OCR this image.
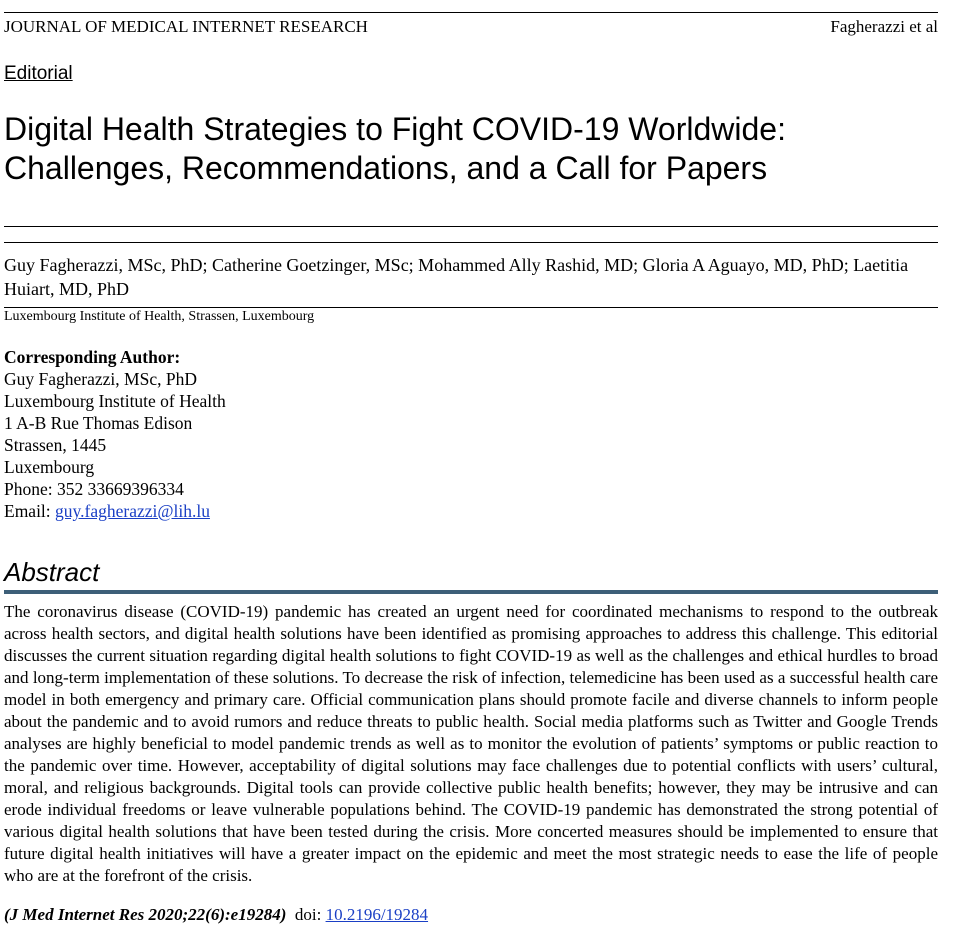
JOURNAL OF MEDICAL INTERNET RESEARCH	Fagherazzi et al
Editorial
Digital Health Strategies to Fight COVID-19 Worldwide: Challenges, Recommendations, and a Call for Papers
Guy Fagherazzi, MSc, PhD; Catherine Goetzinger, MSc; Mohammed Ally Rashid, MD; Gloria A Aguayo, MD, PhD; Laetitia Huiart, MD, PhD
Luxembourg Institute of Health, Strassen, Luxembourg
Corresponding Author:
Guy Fagherazzi, MSc, PhD
Luxembourg Institute of Health
1 A-B Rue Thomas Edison
Strassen, 1445
Luxembourg
Phone: 352 33669396334
Email: guy.fagherazzi@lih.lu
Abstract

The coronavirus disease (COVID-19) pandemic has created an urgent need for coordinated mechanisms to respond to the outbreak across health sectors, and digital health solutions have been identified as promising approaches to address this challenge. This editorial discusses the current situation regarding digital health solutions to fight COVID-19 as well as the challenges and ethical hurdles to broad and long-term implementation of these solutions. To decrease the risk of infection, telemedicine has been used as a successful health care model in both emergency and primary care. Official communication plans should promote facile and diverse channels to inform people about the pandemic and to avoid rumors and reduce threats to public health. Social media platforms such as Twitter and Google Trends analyses are highly beneficial to model pandemic trends as well as to monitor the evolution of patients’ symptoms or public reaction to the pandemic over time. However, acceptability of digital solutions may face challenges due to potential conflicts with users’ cultural, moral, and religious backgrounds. Digital tools can provide collective public health benefits; however, they may be intrusive and can erode individual freedoms or leave vulnerable populations behind. The COVID-19 pandemic has demonstrated the strong potential of various digital health solutions that have been tested during the crisis. More concerted measures should be implemented to ensure that future digital health initiatives will have a greater impact on the epidemic and meet the most strategic needs to ease the life of people who are at the forefront of the crisis.

(J Med Internet Res 2020;22(6):e19284) doi: 10.2196/19284
